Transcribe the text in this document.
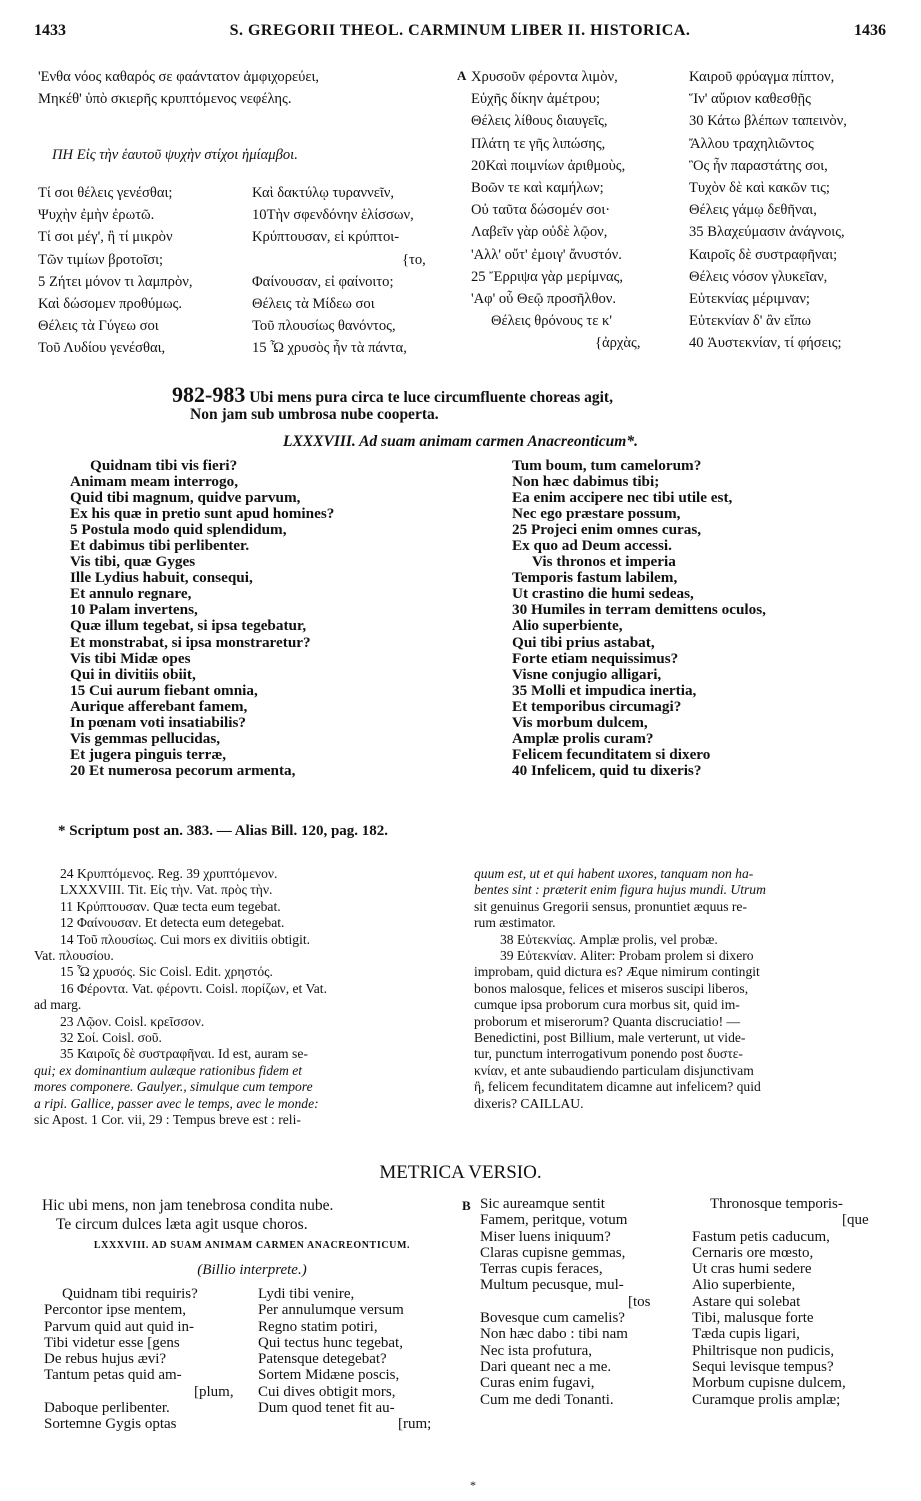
1433	S. GREGORII THEOL. CARMINUM LIBER II. HISTORICA.	1436
'Ενθα νόος καθαρός σε φαάντατον ἀμφιχορεύει,
Μηκέθ' ὑπὸ σκιερῆς κρυπτόμενος νεφέλης.
ΠΗ Εἰς τὴν ἑαυτοῦ ψυχὴν στίχοι ἡμίαμβοι.
Τί σοι θέλεις γενέσθαι;
Ψυχὴν ἐμὴν ἐρωτῶ.
Τί σοι μέγ', ἢ τί μικρὸν
Τῶν τιμίων βροτοῖσι;
5 Ζήτει μόνον τι λαμπρὸν,
Καὶ δώσομεν προθύμως.
Θέλεις τὰ Γύγεω σοι
Τοῦ Λυδίου γενέσθαι,
Καὶ δακτύλῳ τυραννεῖν,
10Τὴν σφενδόνην ἑλίσσων,
Κρύπτουσαν, εἰ κρύπτοι-
{το,
Φαίνουσαν, εἰ φαίνοιτο;
Θέλεις τὰ Μίδεω σοι
Τοῦ πλουσίως θανόντος,
15 Ὦ χρυσὸς ἦν τὰ πάντα,
A Χρυσοῦν φέροντα λιμὸν,
Εὐχῆς δίκην ἀμέτρου;
Θέλεις λίθους διαυγεῖς,
Πλάτη τε γῆς λιπώσης,
20Καὶ ποιμνίων ἀριθμοὺς,
Βοῶν τε καὶ καμήλων;
Οὐ ταῦτα δώσομέν σοι·
Λαβεῖν γὰρ οὐδὲ λῷον,
'Αλλ' οὔτ' ἐμοιγ' ἄνυστόν.
25 Ἔρριψα γὰρ μερίμνας,
'Αφ' οὗ Θεῷ προσῆλθον.
Θέλεις θρόνους τε κ'
{ἀρχὰς,
Καιροῦ φρύαγμα πίπτον,
Ἵν' αὔριον καθεσθῇς
30 Κάτω βλέπων ταπεινὸν,
Ἄλλου τραχηλιῶντος
Ὃς ἦν παραστάτης σοι,
Τυχὸν δὲ καὶ κακῶν τις;
Θέλεις γάμῳ δεθῆναι,
35 Βλαχεύμασιν ἀνάγνοις,
Καιροῖς δὲ συστραφῆναι;
Θέλεις νόσον γλυκεῖαν,
Εὐτεκνίας μέριμναν;
Εὐτεκνίαν δ' ἂν εἴπω
40 Ἀυστεκνίαν, τί φήσεις;
982-983 Ubi mens pura circa te luce circumfluente choreas agit,
Non jam sub umbrosa nube cooperta.
LXXXVIII. Ad suam animam carmen Anacreonticum*.
Quidnam tibi vis fieri?
Animam meam interrogo,
Quid tibi magnum, quidve parvum,
Ex his quæ in pretio sunt apud homines?
5 Postula modo quid splendidum,
Et dabimus tibi perlibenter.
Vis tibi, quæ Gyges
Ille Lydius habuit, consequi,
Et annulo regnare,
10 Palam invertens,
Quæ illum tegebat, si ipsa tegebatur,
Et monstrabat, si ipsa monstraretur?
Vis tibi Midæ opes
Qui in divitiis obiit,
15 Cui aurum fiebant omnia,
Aurique afferebant famem,
In pœnam voti insatiabilis?
Vis gemmas pellucidas,
Et jugera pinguis terræ,
20 Et numerosa pecorum armenta,
Tum boum, tum camelorum?
Non hæc dabimus tibi;
Ea enim accipere nec tibi utile est,
Nec ego præstare possum,
25 Projeci enim omnes curas,
Ex quo ad Deum accessi.
Vis thronos et imperia
Temporis fastum labilem,
Ut crastino die humi sedeas,
30 Humiles in terram demittens oculos,
Alio superbiente,
Qui tibi prius astabat,
Forte etiam nequissimus?
Visne conjugio alligari,
35 Molli et impudica inertia,
Et temporibus circumagi?
Vis morbum dulcem,
Amplæ prolis curam?
Felicem fecunditatem si dixero
40 Infelicem, quid tu dixeris?
* Scriptum post an. 383. — Alias Bill. 120, pag. 182.
24 Κρυπτόμενος. Reg. 39 χρυπτόμενον.
LXXXVIII. Tit. Εἰς τὴν. Vat. πρὸς τὴν.
11 Κρύπτουσαν. Quæ tecta eum tegebat.
12 Φαίνουσαν. Et detecta eum detegebat.
14 Τοῦ πλουσίως. Cui mors ex divitiis obtigit.
Vat. πλουσίου.
15 Ὦ χρυσός. Sic Coisl. Edit. χρηστός.
16 Φέροντα. Vat. φέροντι. Coisl. πορίζων, et Vat.
ad marg.
23 Λῷον. Coisl. κρεῖσσον.
32 Σοί. Coisl. σοῦ.
35 Καιροῖς δὲ συστραφῆναι. Id est, auram se-
qui; ex dominantium aulæque rationibus fidem et
mores componere. Gaulyer., simulque cum tempore
a ripi. Gallice, passer avec le temps, avec le monde:
sic Apost. 1 Cor. vii, 29 : Tempus breve est : reli-
quum est, ut et qui habent uxores, tanquam non ha-
bentes sint : præterit enim figura hujus mundi. Utrum
sit genuinus Gregorii sensus, pronuntiet æquus re-
rum æstimator.
38 Εὐτεκνίας. Amplæ prolis, vel probæ.
39 Εὐτεκνίαν. Aliter: Probam prolem si dixero
improbam, quid dictura es? Æque nimirum contingit
bonos malosque, felices et miseros suscipi liberos,
cumque ipsa proborum cura morbus sit, quid im-
proborum et miserorum? Quanta discruciatio! —
Benedictini, post Billium, male verterunt, ut vide-
tur, punctum interrogativum ponendo post δυστε-
κνίαν, et ante subaudiendo particulam disjunctivam
ἢ, felicem fecunditatem dicamne aut infelicem? quid
dixeris? CAILLAU.
METRICA VERSIO.
Hic ubi mens, non jam tenebrosa condita nube.
Te circum dulces læta agit usque choros.
LXXXVIII. AD SUAM ANIMAM CARMEN ANACREONTICUM.
(Billio interprete.)
Quidnam tibi requiris?
Percontor ipse mentem,
Parvum quid aut quid in-
Tibi videtur esse [gens
De rebus hujus ævi?
Tantum petas quid am-
[plum,
Daboque perlibenter.
Sortemne Gygis optas
Lydi tibi venire,
Per annulumque versum
Regno statim potiri,
Qui tectus hunc tegebat,
Patensque detegebat?
Sortem Midæne poscis,
Cui dives obtigit mors,
Dum quod tenet fit au-
[rum;
B Sic aureamque sentit
Famem, peritque, votum
Miser luens iniquum?
Claras cupisne gemmas,
Terras cupis feraces,
Multum pecusque, mul-
[tos
Bovesque cum camelis?
Non hæc dabo : tibi nam
Nec ista profutura,
Dari queant nec a me.
Curas enim fugavi,
Cum me dedi Tonanti.
Thronosque temporis-
[que
Fastum petis caducum,
Cernaris ore mœsto,
Ut cras humi sedere
Alio superbiente,
Astare qui solebat
Tibi, malusque forte
Tæda cupis ligari,
Philtrisque non pudicis,
Sequi levisque tempus?
Morbum cupisne dulcem,
Curamque prolis amplæ;
*
